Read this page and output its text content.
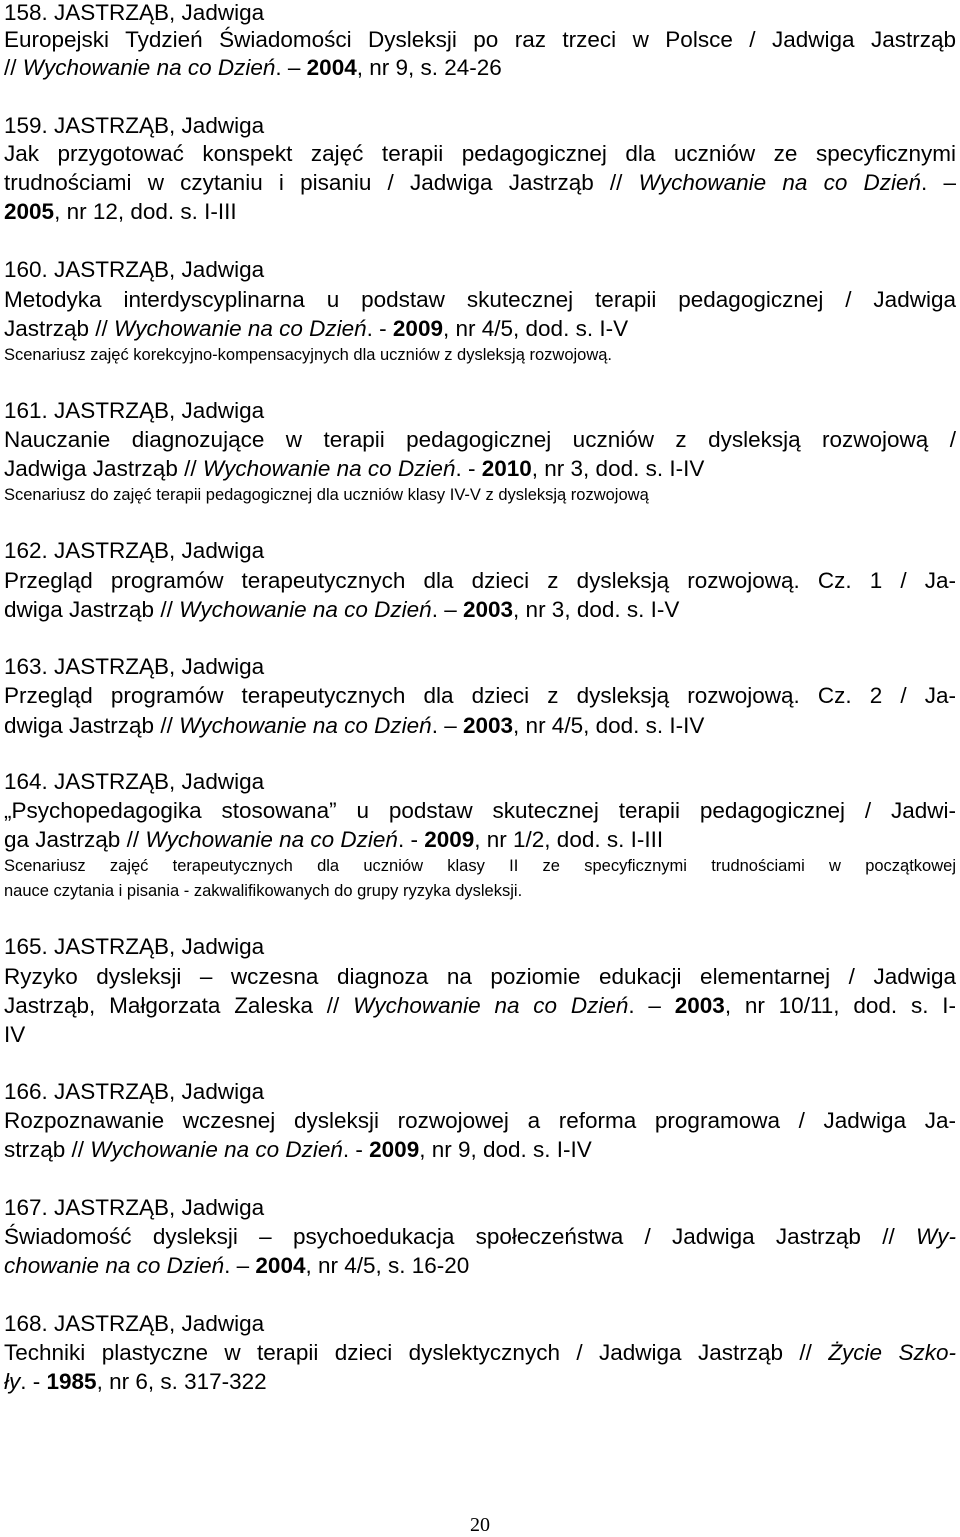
158. JASTRZĄB, Jadwiga
Europejski Tydzień Świadomości Dysleksji po raz trzeci w Polsce / Jadwiga Jastrząb
// Wychowanie na co Dzień. – 2004, nr 9, s. 24-26
159. JASTRZĄB, Jadwiga
Jak przygotować konspekt zajęć terapii pedagogicznej dla uczniów ze specyficznymi
trudnościami w czytaniu i pisaniu / Jadwiga Jastrząb // Wychowanie na co Dzień. –
2005, nr 12, dod. s. I-III
160. JASTRZĄB, Jadwiga
Metodyka interdyscyplinarna u podstaw skutecznej terapii pedagogicznej / Jadwiga
Jastrząb // Wychowanie na co Dzień. - 2009, nr 4/5, dod. s. I-V
Scenariusz zajęć korekcyjno-kompensacyjnych dla uczniów z dysleksją rozwojową.
161. JASTRZĄB, Jadwiga
Nauczanie diagnozujące w terapii pedagogicznej uczniów z dysleksją rozwojową /
Jadwiga Jastrząb // Wychowanie na co Dzień. - 2010, nr 3, dod. s. I-IV
Scenariusz do zajęć terapii pedagogicznej dla uczniów klasy IV-V z dysleksją rozwojową
162. JASTRZĄB, Jadwiga
Przegląd programów terapeutycznych dla dzieci z dysleksją rozwojową. Cz. 1 / Ja-
dwiga Jastrząb // Wychowanie na co Dzień. – 2003, nr 3, dod. s. I-V
163. JASTRZĄB, Jadwiga
Przegląd programów terapeutycznych dla dzieci z dysleksją rozwojową. Cz. 2 / Ja-
dwiga Jastrząb // Wychowanie na co Dzień. – 2003, nr 4/5, dod. s. I-IV
164. JASTRZĄB, Jadwiga
„Psychopedagogika stosowana” u podstaw skutecznej terapii pedagogicznej / Jadwi-
ga Jastrząb // Wychowanie na co Dzień. - 2009, nr 1/2, dod. s. I-III
Scenariusz zajęć terapeutycznych dla uczniów klasy II ze specyficznymi trudnościami w początkowej
nauce czytania i pisania - zakwalifikowanych do grupy ryzyka dysleksji.
165. JASTRZĄB, Jadwiga
Ryzyko dysleksji – wczesna diagnoza na poziomie edukacji elementarnej / Jadwiga
Jastrząb, Małgorzata Zaleska // Wychowanie na co Dzień. – 2003, nr 10/11, dod. s. I-
IV
166. JASTRZĄB, Jadwiga
Rozpoznawanie wczesnej dysleksji rozwojowej a reforma programowa / Jadwiga Ja-
strząb // Wychowanie na co Dzień. - 2009, nr 9, dod. s. I-IV
167. JASTRZĄB, Jadwiga
Świadomość dysleksji – psychoedukacja społeczeństwa / Jadwiga Jastrząb // Wy-
chowanie na co Dzień. – 2004, nr 4/5, s. 16-20
168. JASTRZĄB, Jadwiga
Techniki plastyczne w terapii dzieci dyslektycznych / Jadwiga Jastrząb // Życie Szko-
ły. - 1985, nr 6, s. 317-322
20
